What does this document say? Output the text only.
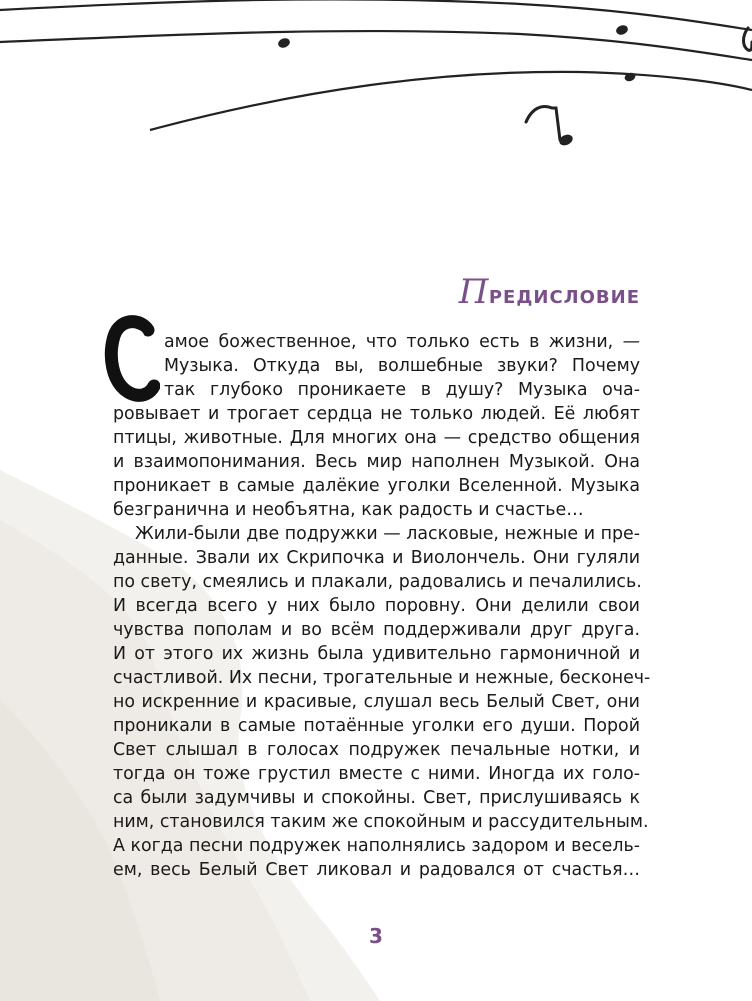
Предисловие
С
амое божественное, что только есть в жизни, —
Музыка. Откуда вы, волшебные звуки? Почему
так глубоко проникаете в душу? Музыка оча-
ровывает и трогает сердца не только людей. Её любят
птицы, животные. Для многих она — средство общения
и взаимопонимания. Весь мир наполнен Музыкой. Она
проникает в самые далёкие уголки Вселенной. Музыка
безгранична и необъятна, как радость и счастье…
Жили-были две подружки — ласковые, нежные и пре-
данные. Звали их Скрипочка и Виолончель. Они гуляли
по свету, смеялись и плакали, радовались и печалились.
И всегда всего у них было поровну. Они делили свои
чувства пополам и во всём поддерживали друг друга.
И от этого их жизнь была удивительно гармоничной и
счастливой. Их песни, трогательные и нежные, бесконеч-
но искренние и красивые, слушал весь Белый Свет, они
проникали в самые потаённые уголки его души. Порой
Свет слышал в голосах подружек печальные нотки, и
тогда он тоже грустил вместе с ними. Иногда их голо-
са были задумчивы и спокойны. Свет, прислушиваясь к
ним, становился таким же спокойным и рассудительным.
А когда песни подружек наполнялись задором и весель-
ем, весь Белый Свет ликовал и радовался от счастья…
3
